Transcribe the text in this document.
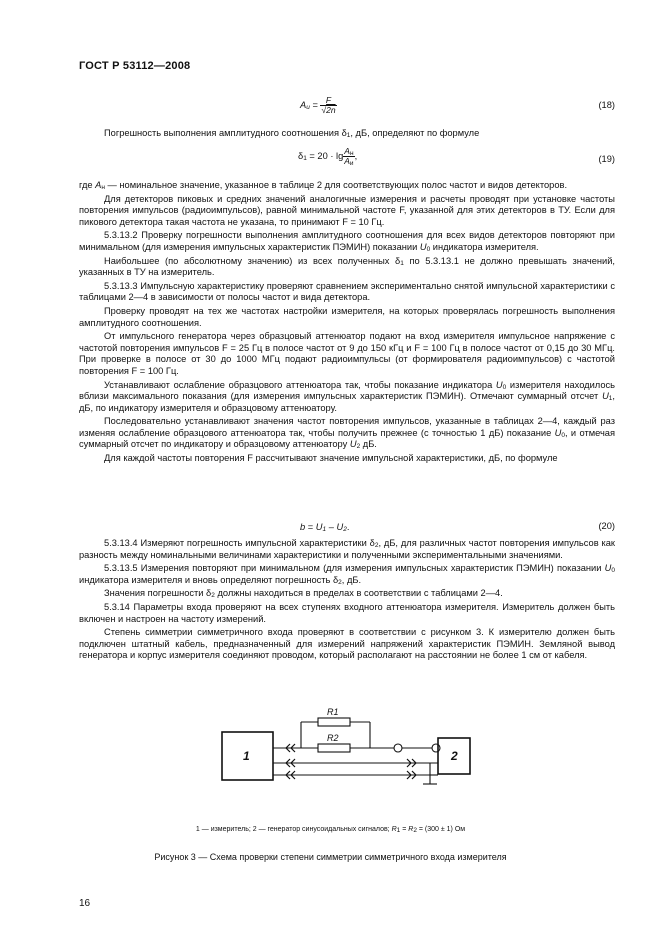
ГОСТ Р 53112—2008
$A_и = \frac{F}{√2n}$	(18)

Погрешность выполнения амплитудного соотношения $\delta_1$, дБ, определяют по формуле

$\delta_1 = 20 \cdot \lg \frac{A_н}{A_и}$ ,	(19)

где $A_н$ — номинальное значение, указанное в таблице 2 для соответствующих полос частот и видов детекторов.

Для детекторов пиковых и средних значений аналогичные измерения и расчеты проводят при установке частоты повторения импульсов (радиоимпульсов), равной минимальной частоте F, указанной для этих детекторов в ТУ. Если для пикового детектора такая частота не указана, то принимают F = 10 Гц.

5.3.13.2 Проверку погрешности выполнения амплитудного соотношения для всех видов детекторов повторяют при минимальном (для измерения импульсных характеристик ПЭМИН) показании $U_0$ индикатора измерителя.

Наибольшее (по абсолютному значению) из всех полученных $\delta_1$ по 5.3.13.1 не должно превышать значений, указанных в ТУ на измеритель.

5.3.13.3 Импульсную характеристику проверяют сравнением экспериментально снятой импульсной характеристики с таблицами 2—4 в зависимости от полосы частот и вида детектора.

Проверку проводят на тех же частотах настройки измерителя, на которых проверялась погрешность выполнения амплитудного соотношения.

От импульсного генератора через образцовый аттенюатор подают на вход измерителя импульсное напряжение с частотой повторения импульсов F = 25 Гц в полосе частот от 9 до 150 кГц и F = 100 Гц в полосе частот от 0,15 до 30 МГц. При проверке в полосе от 30 до 1000 МГц подают радиоимпульсы (от формирователя радиоимпульсов) с частотой повторения F = 100 Гц.

Устанавливают ослабление образцового аттенюатора так, чтобы показание индикатора $U_0$ измерителя находилось вблизи максимального показания (для измерения импульсных характеристик ПЭМИН). Отмечают суммарный отсчет $U_1$, дБ, по индикатору измерителя и образцовому аттенюатору.

Последовательно устанавливают значения частот повторения импульсов, указанные в таблицах 2—4, каждый раз изменяя ослабление образцового аттенюатора так, чтобы получить прежнее (с точностью 1 дБ) показание $U_0$, и отмечая суммарный отсчет по индикатору и образцовому аттенюатору $U_2$ дБ.

Для каждой частоты повторения F рассчитывают значение импульсной характеристики, дБ, по формуле

$b = U_1 - U_2$.	(20)

5.3.13.4 Измеряют погрешность импульсной характеристики $\delta_2$, дБ, для различных частот повторения импульсов как разность между номинальными величинами характеристики и полученными экспериментальными значениями.

5.3.13.5 Измерения повторяют при минимальном (для измерения импульсных характеристик ПЭМИН) показании $U_0$ индикатора измерителя и вновь определяют погрешность $\delta_2$, дБ.

Значения погрешности $\delta_2$ должны находиться в пределах в соответствии с таблицами 2—4.

5.3.14 Параметры входа проверяют на всех ступенях входного аттенюатора измерителя. Измеритель должен быть включен и настроен на частоту измерений.

Степень симметрии симметричного входа проверяют в соответствии с рисунком 3. К измерителю должен быть подключен штатный кабель, предназначенный для измерений напряжений характеристик ПЭМИН. Земляной вывод генератора и корпус измерителя соединяют проводом, который располагают на расстоянии не более 1 см от кабеля.

1	2
R1
R2
1 — измеритель; 2 — генератор синусоидальных сигналов; $R_1 = R_2 = (300 \pm 1)$ Ом
Рисунок 3 — Схема проверки степени симметрии симметричного входа измерителя
16
